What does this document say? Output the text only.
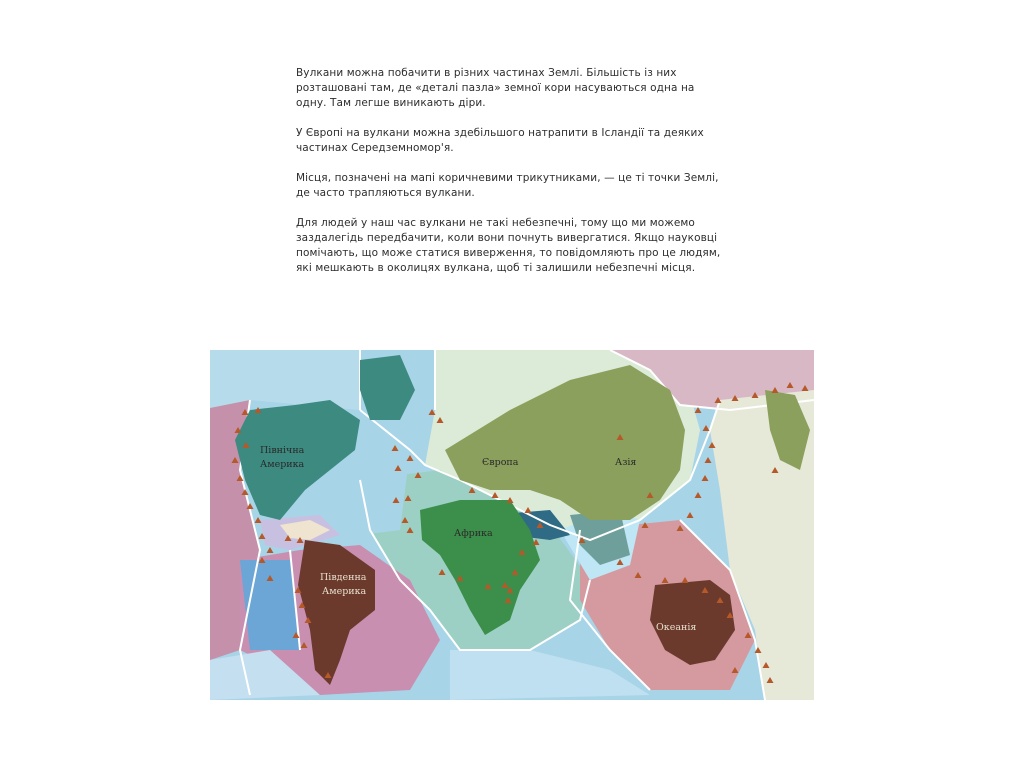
Вулкани можна побачити в різних частинах Землі. Більшість із них розташовані там, де «деталі пазла» земної кори насуваються одна на одну. Там легше виникають діри.

У Європі на вулкани можна здебільшого натрапити в Ісландії та деяких частинах Середземномор'я.

Місця, позначені на мапі коричневими трикутниками, — це ті точки Землі, де часто трапляються вулкани.

Для людей у наш час вулкани не такі небезпечні, тому що ми можемо заздалегідь передбачити, коли вони почнуть вивергатися. Якщо науковці помічають, що може статися виверження, то повідомляють про це людям, які мешкають в околицях вулкана, щоб ті залишили небезпечні місця.

Північна
Америка
Південна
Америка
Європа	Азія
Африка
Океанія
